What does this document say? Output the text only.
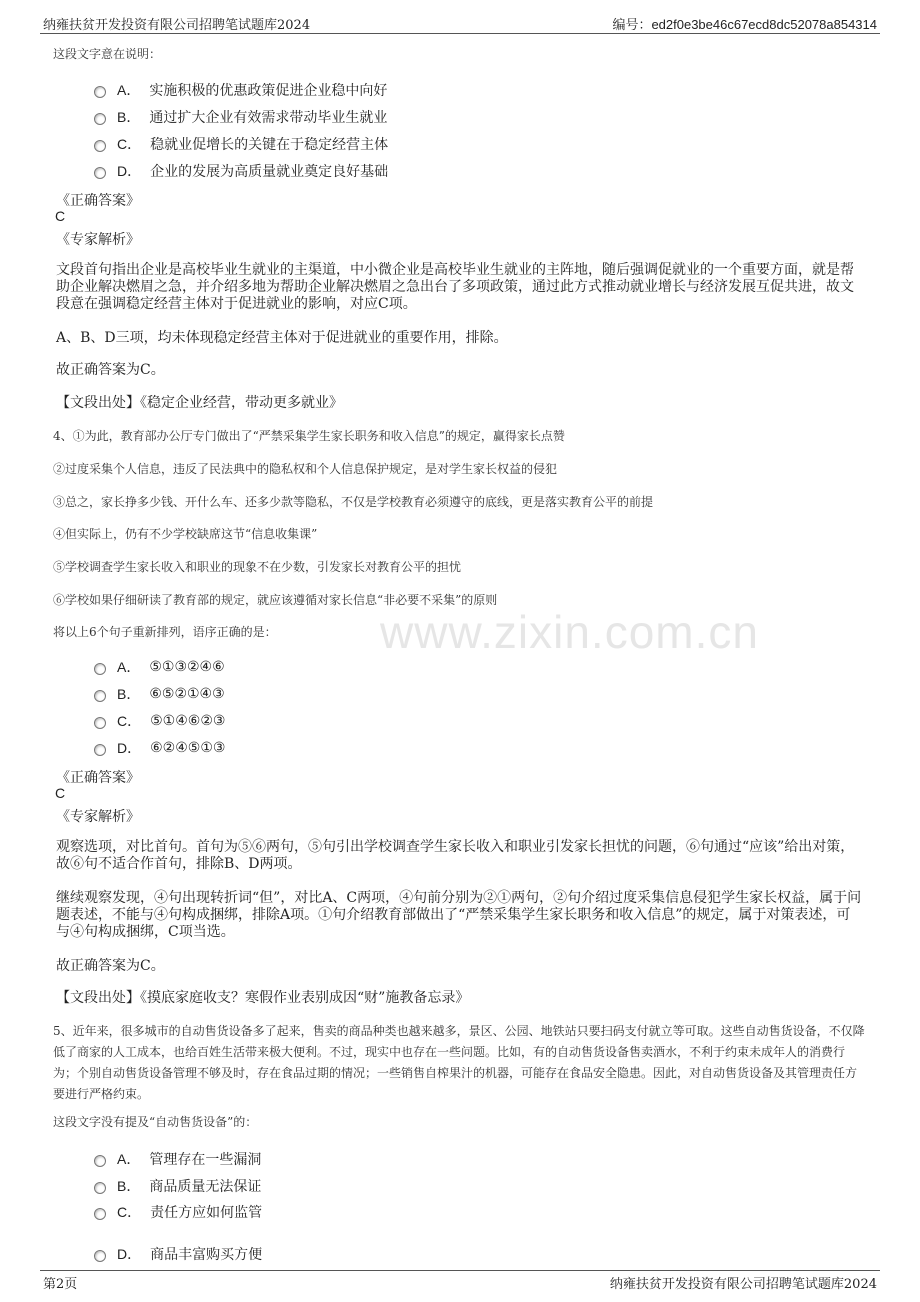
纳雍扶贫开发投资有限公司招聘笔试题库2024	编号：ed2f0e3be46c67ecd8dc52078a854314
www.zixin.com.cn
这段文字意在说明：
A． 实施积极的优惠政策促进企业稳中向好
B． 通过扩大企业有效需求带动毕业生就业
C． 稳就业促增长的关键在于稳定经营主体
D． 企业的发展为高质量就业奠定良好基础
《正确答案》
C
《专家解析》
文段首句指出企业是高校毕业生就业的主渠道，中小微企业是高校毕业生就业的主阵地，随后强调促就业的一个重要方面，就是帮助企业解决燃眉之急，并介绍多地为帮助企业解决燃眉之急出台了多项政策，通过此方式推动就业增长与经济发展互促共进，故文段意在强调稳定经营主体对于促进就业的影响，对应C项。
A、B、D三项，均未体现稳定经营主体对于促进就业的重要作用，排除。
故正确答案为C。
【文段出处】《稳定企业经营，带动更多就业》
4、①为此，教育部办公厅专门做出了“严禁采集学生家长职务和收入信息”的规定，赢得家长点赞
②过度采集个人信息，违反了民法典中的隐私权和个人信息保护规定，是对学生家长权益的侵犯
③总之，家长挣多少钱、开什么车、还多少款等隐私，不仅是学校教育必须遵守的底线，更是落实教育公平的前提
④但实际上，仍有不少学校缺席这节“信息收集课”
⑤学校调查学生家长收入和职业的现象不在少数，引发家长对教育公平的担忧
⑥学校如果仔细研读了教育部的规定，就应该遵循对家长信息“非必要不采集”的原则
将以上6个句子重新排列，语序正确的是：
A． ⑤①③②④⑥
B． ⑥⑤②①④③
C． ⑤①④⑥②③
D． ⑥②④⑤①③
《正确答案》
C
《专家解析》
观察选项，对比首句。首句为⑤⑥两句，⑤句引出学校调查学生家长收入和职业引发家长担忧的问题，⑥句通过“应该”给出对策，故⑥句不适合作首句，排除B、D两项。
继续观察发现，④句出现转折词“但”，对比A、C两项，④句前分别为②①两句，②句介绍过度采集信息侵犯学生家长权益，属于问题表述，不能与④句构成捆绑，排除A项。①句介绍教育部做出了“严禁采集学生家长职务和收入信息”的规定，属于对策表述，可与④句构成捆绑，C项当选。
故正确答案为C。
【文段出处】《摸底家庭收支？寒假作业表别成因“财”施教备忘录》
5、近年来，很多城市的自动售货设备多了起来，售卖的商品种类也越来越多，景区、公园、地铁站只要扫码支付就立等可取。这些自动售货设备，不仅降低了商家的人工成本，也给百姓生活带来极大便利。不过，现实中也存在一些问题。比如，有的自动售货设备售卖酒水，不利于约束未成年人的消费行为；个别自动售货设备管理不够及时，存在食品过期的情况；一些销售自榨果汁的机器，可能存在食品安全隐患。因此，对自动售货设备及其管理责任方要进行严格约束。
这段文字没有提及“自动售货设备”的：
A． 管理存在一些漏洞
B． 商品质量无法保证
C． 责任方应如何监管
D． 商品丰富购买方便
第2页	纳雍扶贫开发投资有限公司招聘笔试题库2024
